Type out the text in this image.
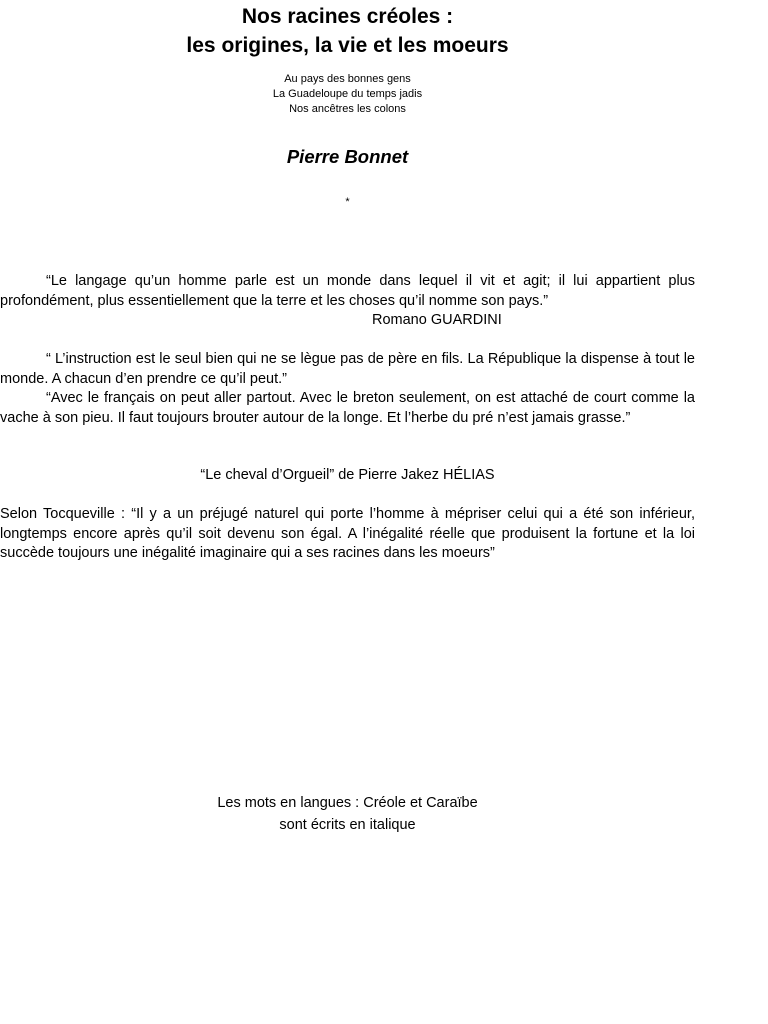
Nos racines créoles :
les origines, la vie et les moeurs
Au pays des bonnes gens
La Guadeloupe du temps jadis
Nos ancêtres les colons
Pierre Bonnet
*

“Le langage qu’un homme parle est un monde dans lequel il vit et agit; il lui appartient plus profondément, plus essentiellement que la terre et les choses qu’il nomme son pays.”

Romano GUARDINI

“ L’instruction est le seul bien qui ne se lègue pas de père en fils. La République la dispense à tout le monde. A chacun d’en prendre ce qu’il peut.”

“Avec le français on peut aller partout. Avec le breton seulement, on est attaché de court comme la vache à son pieu. Il faut toujours brouter autour de la longe. Et l’herbe du pré n’est jamais grasse.”

“Le cheval d’Orgueil” de Pierre Jakez HÉLIAS

Selon Tocqueville : “Il y a un préjugé naturel qui porte l’homme à mépriser celui qui a été son inférieur, longtemps encore après qu’il soit devenu son égal. A l’inégalité réelle que produisent la fortune et la loi succède toujours une inégalité imaginaire qui a ses racines dans les moeurs”

Les mots en langues : Créole et Caraïbe
sont écrits en italique
